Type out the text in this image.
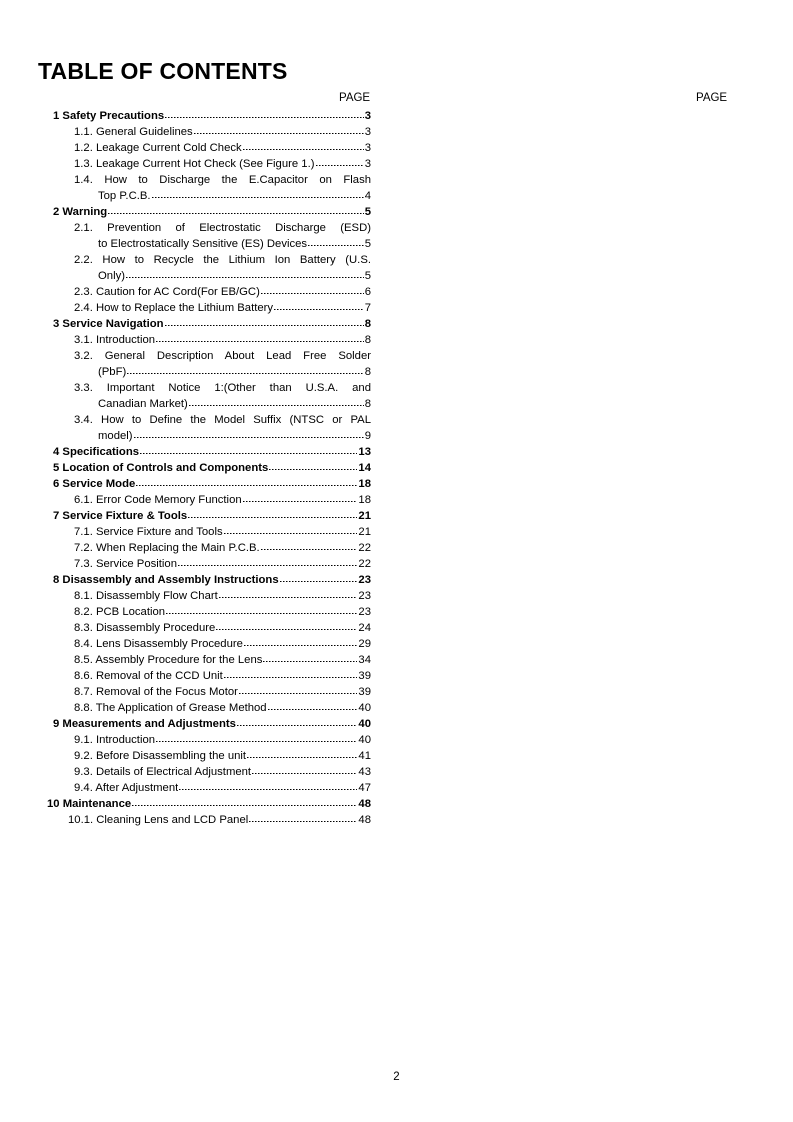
TABLE OF CONTENTS
PAGE	PAGE
1 Safety Precautions	3
1.1. General Guidelines	3
1.2. Leakage Current Cold Check	3
1.3. Leakage Current Hot Check (See Figure 1.)	3
1.4. How to Discharge the E.Capacitor on Flash
Top P.C.B.	4
2 Warning	5
2.1. Prevention of Electrostatic Discharge (ESD)
to Electrostatically Sensitive (ES) Devices	5
2.2. How to Recycle the Lithium Ion Battery (U.S.
Only)	5
2.3. Caution for AC Cord(For EB/GC)	6
2.4. How to Replace the Lithium Battery	7
3 Service Navigation	8
3.1. Introduction	8
3.2. General Description About Lead Free Solder
(PbF)	8
3.3. Important Notice 1:(Other than U.S.A. and
Canadian Market)	8
3.4. How to Define the Model Suffix (NTSC or PAL
model)	9
4 Specifications	13
5 Location of Controls and Components	14
6 Service Mode	18
6.1. Error Code Memory Function	18
7 Service Fixture & Tools	21
7.1. Service Fixture and Tools	21
7.2. When Replacing the Main P.C.B.	22
7.3. Service Position	22
8 Disassembly and Assembly Instructions	23
8.1. Disassembly Flow Chart	23
8.2. PCB Location	23
8.3. Disassembly Procedure	24
8.4. Lens Disassembly Procedure	29
8.5. Assembly Procedure for the Lens	34
8.6. Removal of the CCD Unit	39
8.7. Removal of the Focus Motor	39
8.8. The Application of Grease Method	40
9 Measurements and Adjustments	40
9.1. Introduction	40
9.2. Before Disassembling the unit	41
9.3. Details of Electrical Adjustment	43
9.4. After Adjustment	47
10 Maintenance	48
10.1. Cleaning Lens and LCD Panel	48
2
